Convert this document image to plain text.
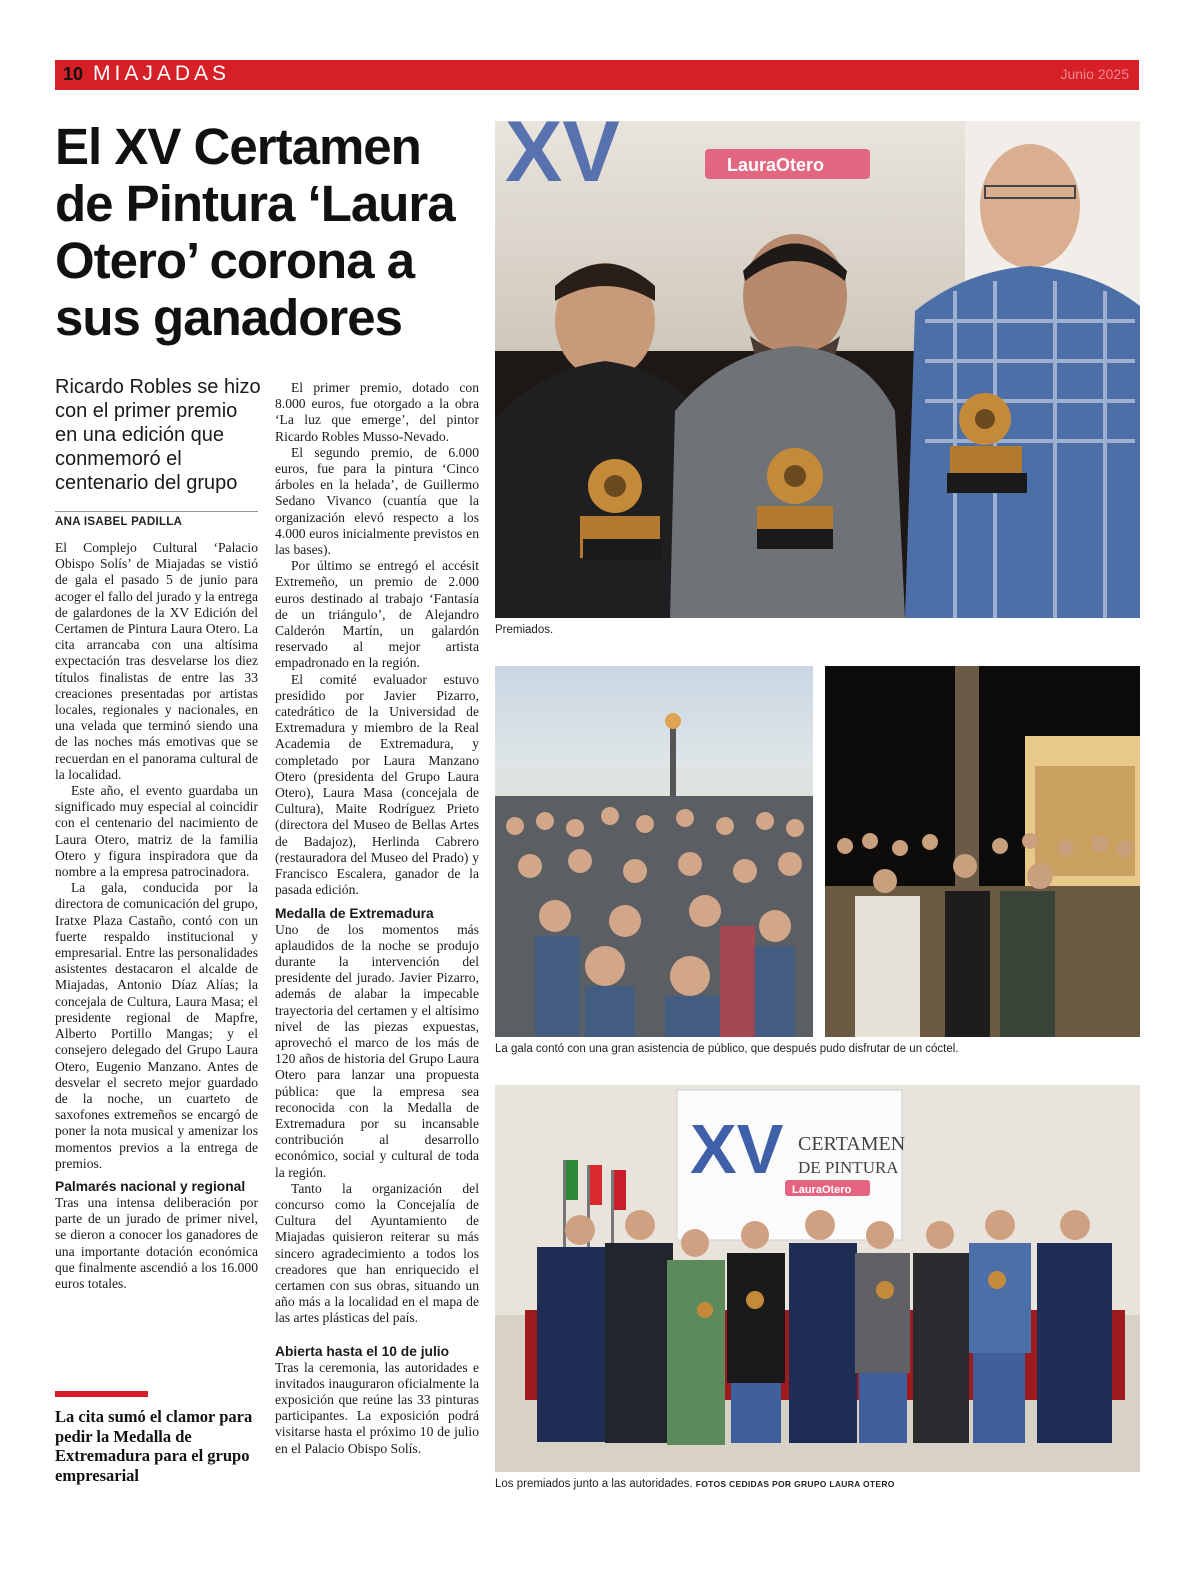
10 MIAJADAS	Junio 2025
El XV Certamen de Pintura ‘Laura Otero’ corona a sus ganadores

Ricardo Robles se hizo con el primer premio en una edición que conmemoró el centenario del grupo

ANA ISABEL PADILLA

El Complejo Cultural ‘Palacio Obispo Solís’ de Miajadas se vistió de gala el pasado 5 de junio para acoger el fallo del jurado y la entrega de galardones de la XV Edición del Certamen de Pintura Laura Otero. La cita arrancaba con una altísima expectación tras desvelarse los diez títulos finalistas de entre las 33 creaciones presentadas por artistas locales, regionales y nacionales, en una velada que terminó siendo una de las noches más emotivas que se recuerdan en el panorama cultural de la localidad.

Este año, el evento guardaba un significado muy especial al coincidir con el centenario del nacimiento de Laura Otero, matriz de la familia Otero y figura inspiradora que da nombre a la empresa patrocinadora.

La gala, conducida por la directora de comunicación del grupo, Iratxe Plaza Castaño, contó con un fuerte respaldo institucional y empresarial. Entre las personalidades asistentes destacaron el alcalde de Miajadas, Antonio Díaz Alías; la concejala de Cultura, Laura Masa; el presidente regional de Mapfre, Alberto Portillo Mangas; y el consejero delegado del Grupo Laura Otero, Eugenio Manzano. Antes de desvelar el secreto mejor guardado de la noche, un cuarteto de saxofones extremeños se encargó de poner la nota musical y amenizar los momentos previos a la entrega de premios.

Palmarés nacional y regional

Tras una intensa deliberación por parte de un jurado de primer nivel, se dieron a conocer los ganadores de una importante dotación económica que finalmente ascendió a los 16.000 euros totales.

El primer premio, dotado con 8.000 euros, fue otorgado a la obra ‘La luz que emerge’, del pintor Ricardo Robles Musso-Nevado.

El segundo premio, de 6.000 euros, fue para la pintura ‘Cinco árboles en la helada’, de Guillermo Sedano Vivanco (cuantía que la organización elevó respecto a los 4.000 euros inicialmente previstos en las bases).

Por último se entregó el accésit Extremeño, un premio de 2.000 euros destinado al trabajo ‘Fantasía de un triángulo’, de Alejandro Calderón Martín, un galardón reservado al mejor artista empadronado en la región.

El comité evaluador estuvo presidido por Javier Pizarro, catedrático de la Universidad de Extremadura y miembro de la Real Academia de Extremadura, y completado por Laura Manzano Otero (presidenta del Grupo Laura Otero), Laura Masa (concejala de Cultura), Maite Rodríguez Prieto (directora del Museo de Bellas Artes de Badajoz), Herlinda Cabrero (restauradora del Museo del Prado) y Francisco Escalera, ganador de la pasada edición.

Medalla de Extremadura

Uno de los momentos más aplaudidos de la noche se produjo durante la intervención del presidente del jurado. Javier Pizarro, además de alabar la impecable trayectoria del certamen y el altísimo nivel de las piezas expuestas, aprovechó el marco de los más de 120 años de historia del Grupo Laura Otero para lanzar una propuesta pública: que la empresa sea reconocida con la Medalla de Extremadura por su incansable contribución al desarrollo económico, social y cultural de toda la región.

Tanto la organización del concurso como la Concejalía de Cultura del Ayuntamiento de Miajadas quisieron reiterar su más sincero agradecimiento a todos los creadores que han enriquecido el certamen con sus obras, situando un año más a la localidad en el mapa de las artes plásticas del país.

Abierta hasta el 10 de julio

Tras la ceremonia, las autoridades e invitados inauguraron oficialmente la exposición que reúne las 33 pinturas participantes. La exposición podrá visitarse hasta el próximo 10 de julio en el Palacio Obispo Solís.

La cita sumó el clamor para pedir la Medalla de Extremadura para el grupo empresarial

XV	LauraOtero
Premiados.
La gala contó con una gran asistencia de público, que después pudo disfrutar de un cóctel.
XV CERTAMEN
DE PINTURA
LauraOtero
Los premiados junto a las autoridades. FOTOS CEDIDAS POR GRUPO LAURA OTERO
